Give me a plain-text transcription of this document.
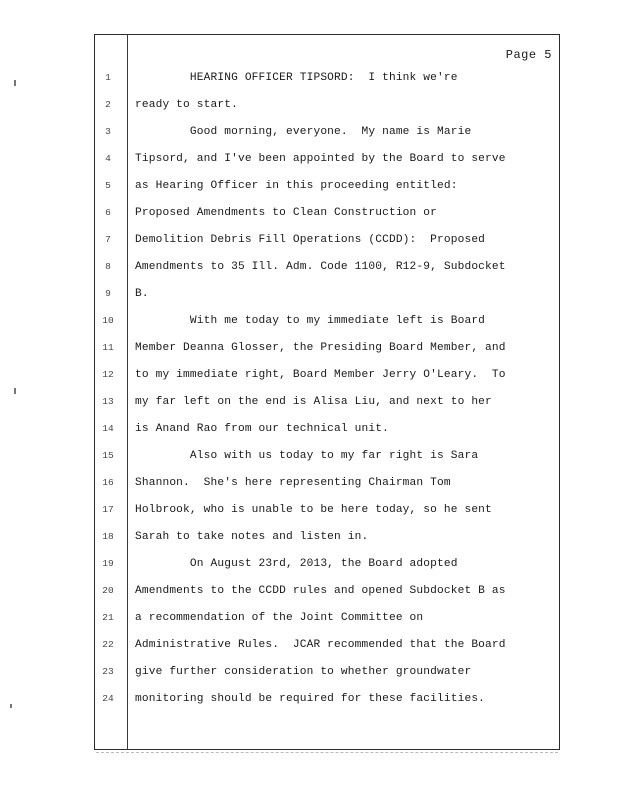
Page 5
1
2
3
4
5
6
7
8
9
10
11
12
13
14
15
16
17
18
19
20
21
22
23
24
HEARING OFFICER TIPSORD:  I think we're
ready to start.
Good morning, everyone.  My name is Marie
Tipsord, and I've been appointed by the Board to serve
as Hearing Officer in this proceeding entitled:
Proposed Amendments to Clean Construction or
Demolition Debris Fill Operations (CCDD):  Proposed
Amendments to 35 Ill. Adm. Code 1100, R12-9, Subdocket
B.
With me today to my immediate left is Board
Member Deanna Glosser, the Presiding Board Member, and
to my immediate right, Board Member Jerry O'Leary.  To
my far left on the end is Alisa Liu, and next to her
is Anand Rao from our technical unit.
Also with us today to my far right is Sara
Shannon.  She's here representing Chairman Tom
Holbrook, who is unable to be here today, so he sent
Sarah to take notes and listen in.
On August 23rd, 2013, the Board adopted
Amendments to the CCDD rules and opened Subdocket B as
a recommendation of the Joint Committee on
Administrative Rules.  JCAR recommended that the Board
give further consideration to whether groundwater
monitoring should be required for these facilities.
